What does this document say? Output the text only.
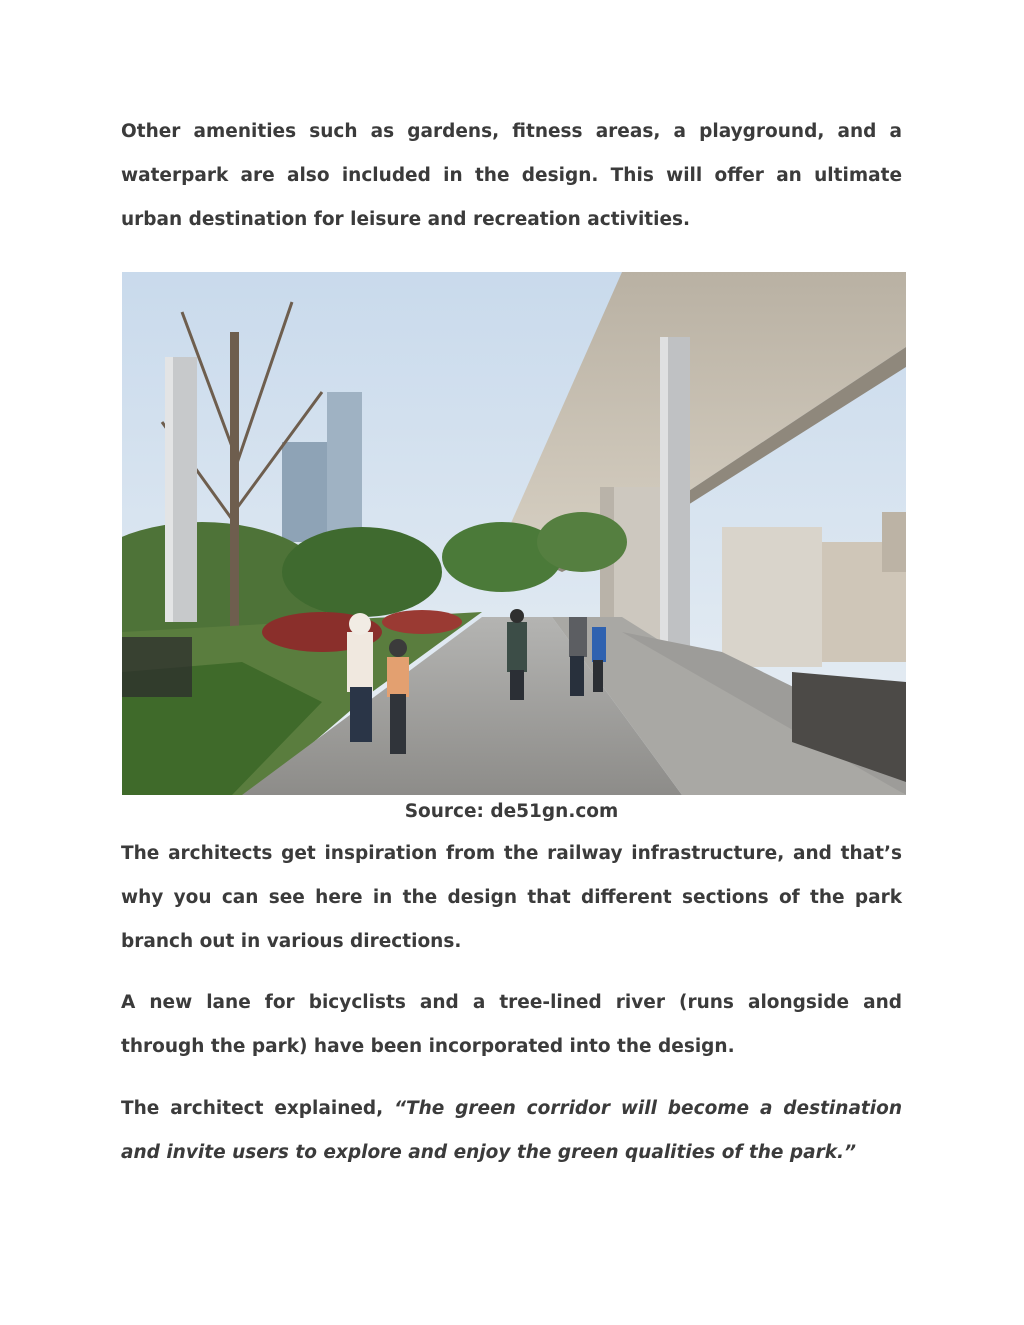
Other amenities such as gardens, fitness areas, a playground, and a waterpark are also included in the design. This will offer an ultimate urban destination for leisure and recreation activities.

Source: de51gn.com

The architects get inspiration from the railway infrastructure, and that’s why you can see here in the design that different sections of the park branch out in various directions.

A new lane for bicyclists and a tree-lined river (runs alongside and through the park) have been incorporated into the design.

The architect explained, “The green corridor will become a destination and invite users to explore and enjoy the green qualities of the park.”
